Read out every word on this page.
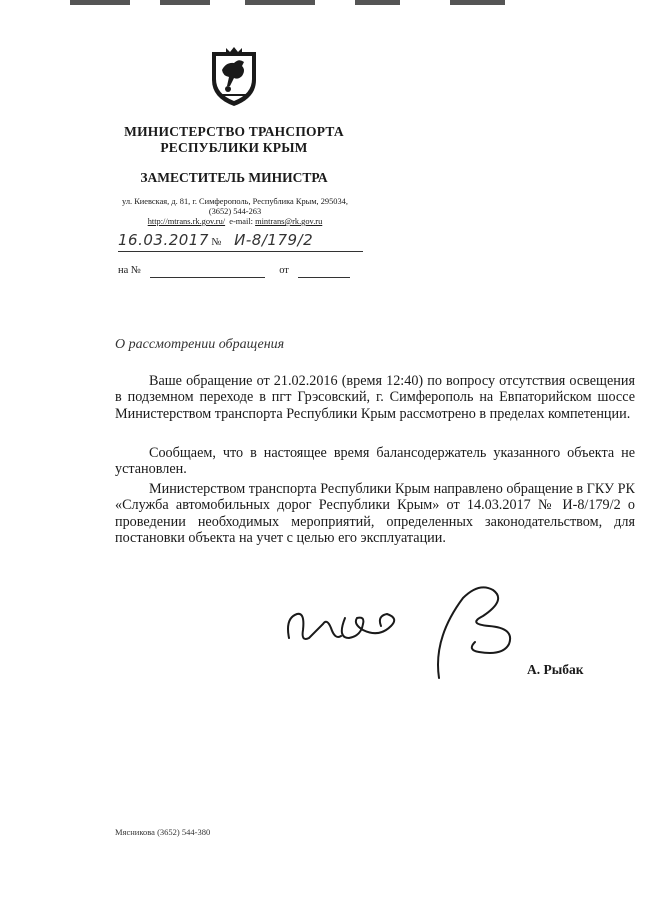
МИНИСТЕРСТВО ТРАНСПОРТА
РЕСПУБЛИКИ КРЫМ
ЗАМЕСТИТЕЛЬ МИНИСТРА
ул. Киевская, д. 81, г. Симферополь, Республика Крым, 295034,
(3652) 544-263
http://mtrans.rk.gov.ru/ e-mail: mintrans@rk.gov.ru
16.03.2017 № И-8/179/2
на №	от
О рассмотрении обращения

Ваше обращение от 21.02.2016 (время 12:40) по вопросу отсутствия освещения в подземном переходе в пгт Грэсовский, г. Симферополь на Евпаторийском шоссе Министерством транспорта Республики Крым рассмотрено в пределах компетенции.

Сообщаем, что в настоящее время балансодержатель указанного объекта не установлен.

Министерством транспорта Республики Крым направлено обращение в ГКУ РК «Служба автомобильных дорог Республики Крым» от 14.03.2017 № И-8/179/2 о проведении необходимых мероприятий, определенных законодательством, для постановки объекта на учет с целью его эксплуатации.

А. Рыбак
Мясникова (3652) 544-380
